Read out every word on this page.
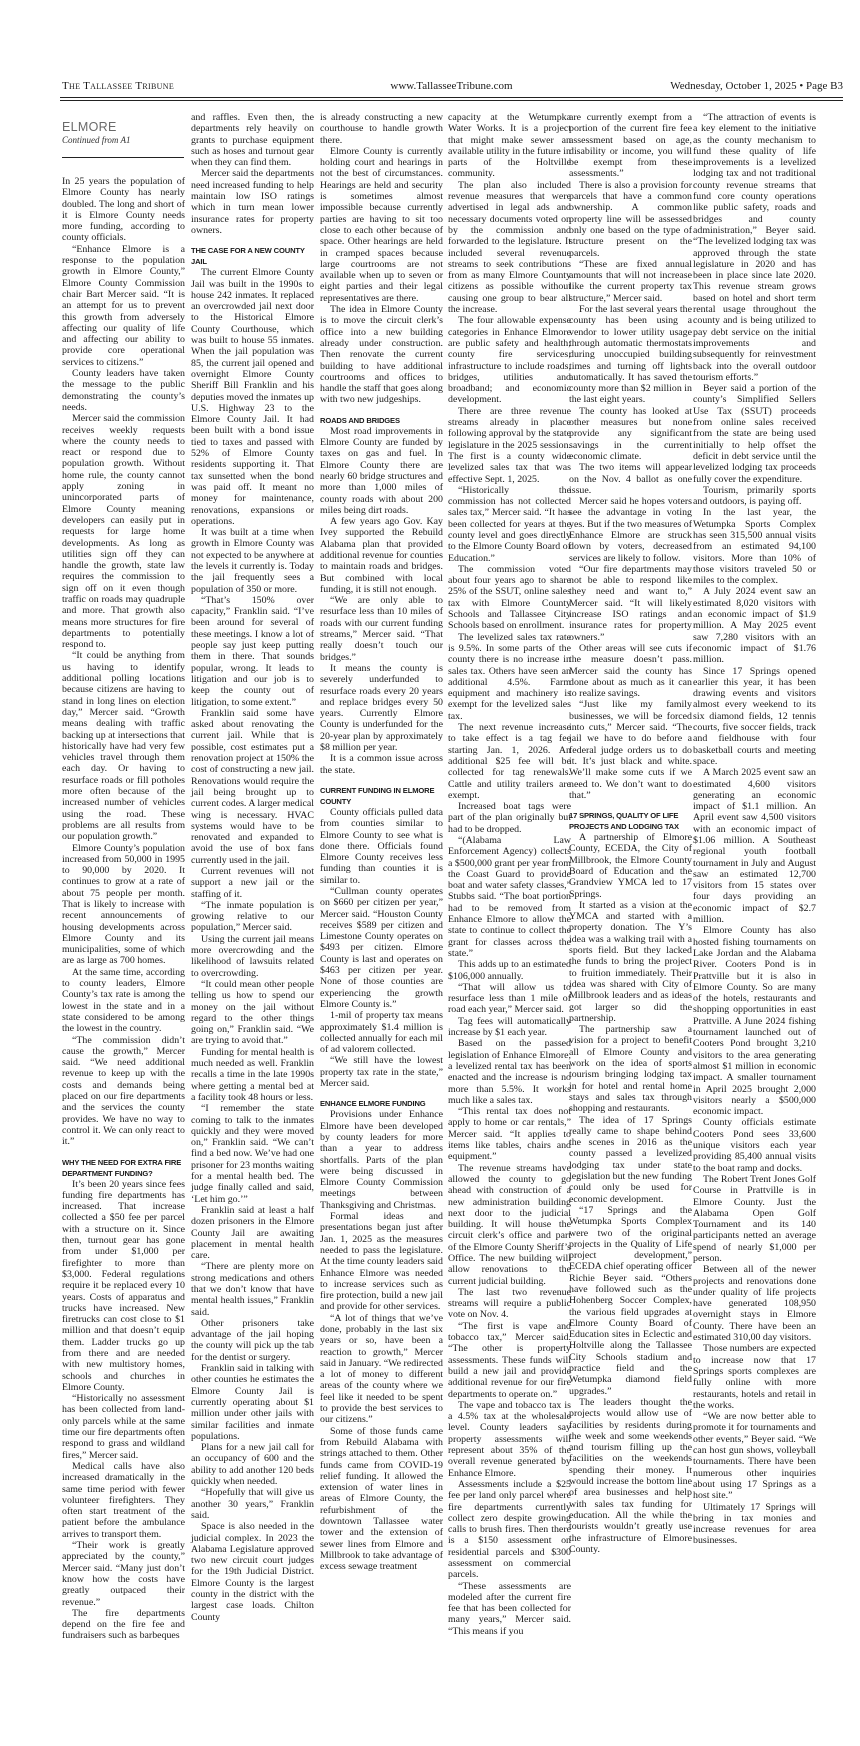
The Tallassee Tribune	www.TallasseeTribune.com	Wednesday, October 1, 2025 • Page B3
ELMORE
Continued from A1

In 25 years the population of Elmore County has nearly doubled. The long and short of it is Elmore County needs more funding, according to county officials.

“Enhance Elmore is a response to the population growth in Elmore County,” Elmore County Commission chair Bart Mercer said. “It is an attempt for us to prevent this growth from adversely affecting our quality of life and affecting our ability to provide core operational services to citizens.”

County leaders have taken the message to the public demonstrating the county’s needs.

Mercer said the commission receives weekly requests where the county needs to react or respond due to population growth. Without home rule, the county cannot apply zoning in unincorporated parts of Elmore County meaning developers can easily put in requests for large home developments. As long as utilities sign off they can handle the growth, state law requires the commission to sign off on it even though traffic on roads may quadruple and more. That growth also means more structures for fire departments to potentially respond to.

“It could be anything from us having to identify additional polling locations because citizens are having to stand in long lines on election day,” Mercer said. “Growth means dealing with traffic backing up at intersections that historically have had very few vehicles travel through them each day. Or having to resurface roads or fill potholes more often because of the increased number of vehicles using the road. These problems are all results from our population growth.”

Elmore County’s population increased from 50,000 in 1995 to 90,000 by 2020. It continues to grow at a rate of about 75 people per month. That is likely to increase with recent announcements of housing developments across Elmore County and its municipalities, some of which are as large as 700 homes.

At the same time, according to county leaders, Elmore County’s tax rate is among the lowest in the state and in a state considered to be among the lowest in the country.

“The commission didn’t cause the growth,” Mercer said. “We need additional revenue to keep up with the costs and demands being placed on our fire departments and the services the county provides. We have no way to control it. We can only react to it.”

WHY THE NEED FOR EXTRA FIRE DEPARTMENT FUNDING?

It’s been 20 years since fees funding fire departments has increased. That increase collected a $50 fee per parcel with a structure on it. Since then, turnout gear has gone from under $1,000 per firefighter to more than $3,000. Federal regulations require it be replaced every 10 years. Costs of apparatus and trucks have increased. New firetrucks can cost close to $1 million and that doesn’t equip them. Ladder trucks go up from there and are needed with new multistory homes, schools and churches in Elmore County.

“Historically no assessment has been collected from land-only parcels while at the same time our fire departments often respond to grass and wildland fires,” Mercer said.

Medical calls have also increased dramatically in the same time period with fewer volunteer firefighters. They often start treatment of the patient before the ambulance arrives to transport them.

“Their work is greatly appreciated by the county,” Mercer said. “Many just don’t know how the costs have greatly outpaced their revenue.”

The fire departments depend on the fire fee and fundraisers such as barbeques

and raffles. Even then, the departments rely heavily on grants to purchase equipment such as hoses and turnout gear when they can find them.

Mercer said the departments need increased funding to help maintain low ISO ratings which in turn mean lower insurance rates for property owners.

THE CASE FOR A NEW COUNTY JAIL

The current Elmore County Jail was built in the 1990s to house 242 inmates. It replaced an overcrowded jail next door to the Historical Elmore County Courthouse, which was built to house 55 inmates. When the jail population was 85, the current jail opened and overnight Elmore County Sheriff Bill Franklin and his deputies moved the inmates up U.S. Highway 23 to the Elmore County Jail. It had been built with a bond issue tied to taxes and passed with 52% of Elmore County residents supporting it. That tax sunsetted when the bond was paid off. It meant no money for maintenance, renovations, expansions or operations.

It was built at a time when growth in Elmore County was not expected to be anywhere at the levels it currently is. Today the jail frequently sees a population of 350 or more.

“That’s 150% over capacity,” Franklin said. “I’ve been around for several of these meetings. I know a lot of people say just keep putting them in there. That sounds popular, wrong. It leads to litigation and our job is to keep the county out of litigation, to some extent.”

Franklin said some have asked about renovating the current jail. While that is possible, cost estimates put a renovation project at 150% the cost of constructing a new jail. Renovations would require the jail being brought up to current codes. A larger medical wing is necessary. HVAC systems would have to be renovated and expanded to avoid the use of box fans currently used in the jail.

Current revenues will not support a new jail or the staffing of it.

“The inmate population is growing relative to our population,” Mercer said.

Using the current jail means more overcrowding and the likelihood of lawsuits related to overcrowding.

“It could mean other people telling us how to spend our money on the jail without regard to the other things going on,” Franklin said. “We are trying to avoid that.”

Funding for mental health is much needed as well. Franklin recalls a time in the late 1990s where getting a mental bed at a facility took 48 hours or less.

“I remember the state coming to talk to the inmates quickly and they were moved on,” Franklin said. “We can’t find a bed now. We’ve had one prisoner for 23 months waiting for a mental health bed. The judge finally called and said, ‘Let him go.’”

Franklin said at least a half dozen prisoners in the Elmore County Jail are awaiting placement in mental health care.

“There are plenty more on strong medications and others that we don’t know that have mental health issues,” Franklin said.

Other prisoners take advantage of the jail hoping the county will pick up the tab for the dentist or surgery.

Franklin said in talking with other counties he estimates the Elmore County Jail is currently operating about $1 million under other jails with similar facilities and inmate populations.

Plans for a new jail call for an occupancy of 600 and the ability to add another 120 beds quickly when needed.

“Hopefully that will give us another 30 years,” Franklin said.

Space is also needed in the judicial complex. In 2023 the Alabama Legislature approved two new circuit court judges for the 19th Judicial District. Elmore County is the largest county in the district with the largest case loads. Chilton County

is already constructing a new courthouse to handle growth there.

Elmore County is currently holding court and hearings in not the best of circumstances. Hearings are held and security is sometimes almost impossible because currently parties are having to sit too close to each other because of space. Other hearings are held in cramped spaces because large courtrooms are not available when up to seven or eight parties and their legal representatives are there.

The idea in Elmore County is to move the circuit clerk’s office into a new building already under construction. Then renovate the current building to have additional courtrooms and offices to handle the staff that goes along with two new judgeships.

ROADS AND BRIDGES

Most road improvements in Elmore County are funded by taxes on gas and fuel. In Elmore County there are nearly 60 bridge structures and more than 1,000 miles of county roads with about 200 miles being dirt roads.

A few years ago Gov. Kay Ivey supported the Rebuild Alabama plan that provided additional revenue for counties to maintain roads and bridges. But combined with local funding, it is still not enough.

“We are only able to resurface less than 10 miles of roads with our current funding streams,” Mercer said. “That really doesn’t touch our bridges.”

It means the county is severely underfunded to resurface roads every 20 years and replace bridges every 50 years. Currently Elmore County is underfunded for the 20-year plan by approximately $8 million per year.

It is a common issue across the state.

CURRENT FUNDING IN ELMORE COUNTY

County officials pulled data from counties similar to Elmore County to see what is done there. Officials found Elmore County receives less funding than counties it is similar to.

“Cullman county operates on $660 per citizen per year,” Mercer said. “Houston County receives $589 per citizen and Limestone County operates on $493 per citizen. Elmore County is last and operates on $463 per citizen per year. None of those counties are experiencing the growth Elmore County is.”

1-mil of property tax means approximately $1.4 million is collected annually for each mil of ad valorem collected.

“We still have the lowest property tax rate in the state,” Mercer said.

ENHANCE ELMORE FUNDING

Provisions under Enhance Elmore have been developed by county leaders for more than a year to address shortfalls. Parts of the plan were being discussed in Elmore County Commission meetings between Thanksgiving and Christmas.

Formal ideas and presentations began just after Jan. 1, 2025 as the measures needed to pass the legislature. At the time county leaders said Enhance Elmore was needed to increase services such as fire protection, build a new jail and provide for other services.

“A lot of things that we’ve done, probably in the last six years or so, have been a reaction to growth,” Mercer said in January. “We redirected a lot of money to different areas of the county where we feel like it needed to be spent to provide the best services to our citizens.”

Some of those funds came from Rebuild Alabama with strings attached to them. Other funds came from COVID-19 relief funding. It allowed the extension of water lines in areas of Elmore County, the refurbishment of the downtown Tallassee water tower and the extension of sewer lines from Elmore and Millbrook to take advantage of excess sewage treatment

capacity at the Wetumpka Water Works. It is a project that might make sewer an available utility in the future in parts of the Holtville community.

The plan also included revenue measures that were advertised in legal ads and necessary documents voted on by the commission and forwarded to the legislature. It included several revenue streams to seek contributions from as many Elmore County citizens as possible without causing one group to bear all the increase.

The four allowable expense categories in Enhance Elmore are public safety and health; county fire services; infrastructure to include roads, bridges, utilities and broadband; and economic development.

There are three revenue streams already in place following approval by the state legislature in the 2025 session. The first is a county wide levelized sales tax that was effective Sept. 1, 2025.

“Historically the commission has not collected sales tax,” Mercer said. “It has been collected for years at the county level and goes directly to the Elmore County Board of Education.”

The commission voted about four years ago to share 25% of the SSUT, online sales tax with Elmore County Schools and Tallassee City Schools based on enrollment.

The levelized sales tax rate is 9.5%. In some parts of the county there is no increase in sales tax. Others have seen an additional 4.5%. Farm equipment and machinery is exempt for the levelized sales tax.

The next revenue increase to take effect is a tag fee starting Jan. 1, 2026. An additional $25 fee will be collected for tag renewals. Cattle and utility trailers are exempt.

Increased boat tags were part of the plan originally but had to be dropped.

“(Alabama Law Enforcement Agency) collects a $500,000 grant per year from the Coast Guard to provide boat and water safety classes,” Stubbs said. “The boat portion had to be removed from Enhance Elmore to allow the state to continue to collect the grant for classes across the state.”

This adds up to an estimated $106,000 annually.

“That will allow us to resurface less than 1 mile of road each year,” Mercer said.

Tag fees will automatically increase by $1 each year.

Based on the passed legislation of Enhance Elmore, a levelized rental tax has been enacted and the increase is no more than 5.5%. It works much like a sales tax.

“This rental tax does not apply to home or car rentals,” Mercer said. “It applies to items like tables, chairs and equipment.”

The revenue streams have allowed the county to go ahead with construction of a new administration building next door to the judicial building. It will house the circuit clerk’s office and part of the Elmore County Sheriff’s Office. The new building will allow renovations to the current judicial building.

The last two revenue streams will require a public vote on Nov. 4.

“The first is vape and tobacco tax,” Mercer said. “The other is property assessments. These funds will build a new jail and provide additional revenue for our fire departments to operate on.”

The vape and tobacco tax is a 4.5% tax at the wholesale level. County leaders say property assessments will represent about 35% of the overall revenue generated by Enhance Elmore.

Assessments include a $25 fee per land only parcel where fire departments currently collect zero despite growing calls to brush fires. Then there is a $150 assessment on residential parcels and $300 assessment on commercial parcels.

“These assessments are modeled after the current fire fee that has been collected for many years,” Mercer said. “This means if you

are currently exempt from a portion of the current fire fee assessment based on age, disability or income, you will be exempt from these assessments.”

There is also a provision for parcels that have a common ownership. A common property line will be assessed only one based on the type of structure present on the parcels.

“These are fixed annual amounts that will not increase like the current property tax structure,” Mercer said.

For the last several years the county has been using a vendor to lower utility usage through automatic thermostats during unoccupied building times and turning off lights automatically. It has saved the county more than $2 million in the last eight years.

The county has looked at other measures but none provide any significant savings in the current economic climate.

The two items will appear on the Nov. 4 ballot as one issue.

Mercer said he hopes voters see the advantage in voting yes. But if the two measures of Enhance Elmore are struck down by voters, decreased services are likely to follow.

“Our fire departments may not be able to respond like they need and want to,” Mercer said. “It will likely increase ISO ratings and insurance rates for property owners.”

Other areas will see cuts if the measure doesn’t pass. Mercer said the county has done about as much as it can to realize savings.

“Just like my family businesses, we will be forced into cuts,” Mercer said. “The jail we have to do before a federal judge orders us to do it. It’s just black and white. We’ll make some cuts if we need to. We don’t want to do that.”

17 SPRINGS, QUALITY OF LIFE PROJECTS AND LODGING TAX

A partnership of Elmore County, ECEDA, the City of Millbrook, the Elmore County Board of Education and the Grandview YMCA led to 17 Springs.

It started as a vision at the YMCA and started with a property donation. The Y’s idea was a walking trail with a sports field. But they lacked the funds to bring the project to fruition immediately. Their idea was shared with City of Millbrook leaders and as ideas got larger so did the partnership.

The partnership saw a vision for a project to benefit all of Elmore County and work on the idea of sports tourism bringing lodging tax in for hotel and rental home stays and sales tax through shopping and restaurants.

The idea of 17 Springs really came to shape behind the scenes in 2016 as the county passed a levelized lodging tax under state legislation but the new funding could only be used for economic development.

“17 Springs and the Wetumpka Sports Complex were two of the original projects in the Quality of Life project development,” ECEDA chief operating officer Richie Beyer said. “Others have followed such as the Hohenberg Soccer Complex, the various field upgrades at Elmore County Board of Education sites in Eclectic and Holtville along the Tallassee City Schools stadium and practice field and the Wetumpka diamond field upgrades.”

The leaders thought the projects would allow use of facilities by residents during the week and some weekends and tourism filling up the facilities on the weekends spending their money. It would increase the bottom line of area businesses and help with sales tax funding for education. All the while the tourists wouldn’t greatly use the infrastructure of Elmore County.

“The attraction of events is a key element to the initiative as the county mechanism to fund these quality of life improvements is a levelized lodging tax and not traditional county revenue streams that fund core county operations like public safety, roads and bridges and county administration,” Beyer said. “The levelized lodging tax was approved through the state legislature in 2020 and has been in place since late 2020. This revenue stream grows based on hotel and short term rental usage throughout the county and is being utilized to pay debt service on the initial improvements and subsequently for reinvestment back into the overall outdoor tourism efforts.”

Beyer said a portion of the county’s Simplified Sellers Use Tax (SSUT) proceeds from online sales received from the state are being used initially to help offset the deficit in debt service until the levelized lodging tax proceeds fully cover the expenditure.

Tourism, primarily sports and outdoors, is paying off.

In the last year, the Wetumpka Sports Complex has seen 315,500 annual visits from an estimated 94,100 visitors. More than 10% of those visitors traveled 50 or miles to the complex.

A July 2024 event saw an estimated 8,020 visitors with an economic impact of $1.9 million. A May 2025 event saw 7,280 visitors with an economic impact of $1.76 million.

Since 17 Springs opened earlier this year, it has been drawing events and visitors almost every weekend to its six diamond fields, 12 tennis courts, five soccer fields, track and fieldhouse with four basketball courts and meeting space.

A March 2025 event saw an estimated 4,600 visitors generating an economic impact of $1.1 million. An April event saw 4,500 visitors with an economic impact of $1.06 million. A Southeast regional youth football tournament in July and August saw an estimated 12,700 visitors from 15 states over four days providing an economic impact of $2.7 million.

Elmore County has also hosted fishing tournaments on Lake Jordan and the Alabama River. Cooters Pond is in Prattville but it is also in Elmore County. So are many of the hotels, restaurants and shopping opportunities in east Prattville. A June 2024 fishing tournament launched out of Cooters Pond brought 3,210 visitors to the area generating almost $1 million in economic impact. A smaller tournament in April 2025 brought 2,000 visitors nearly a $500,000 economic impact.

County officials estimate Cooters Pond sees 33,600 unique visitors each year providing 85,400 annual visits to the boat ramp and docks.

The Robert Trent Jones Golf Course in Prattville is in Elmore County. Just the Alabama Open Golf Tournament and its 140 participants netted an average spend of nearly $1,000 per person.

Between all of the newer projects and renovations done under quality of life projects have generated 108,950 overnight stays in Elmore County. There have been an estimated 310,00 day visitors.

Those numbers are expected to increase now that 17 Springs sports complexes are fully online with more restaurants, hotels and retail in the works.

“We are now better able to promote it for tournaments and other events,” Beyer said. “We can host gun shows, volleyball tournaments. There have been numerous other inquiries about using 17 Springs as a host site.”

Ultimately 17 Springs will bring in tax monies and increase revenues for area businesses.
